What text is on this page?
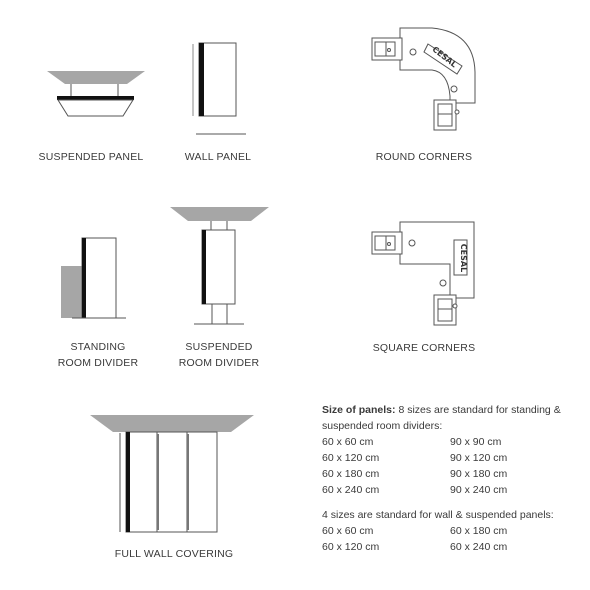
CESAL
CESAL
SUSPENDED PANEL	WALL PANEL	ROUND CORNERS
STANDING
ROOM DIVIDER
SUSPENDED
ROOM DIVIDER
SQUARE CORNERS
FULL WALL COVERING
Size of panels: 8 sizes are standard for standing &
suspended room dividers:
60 x 60 cm	90 x 90 cm
60 x 120 cm	90 x 120 cm
60 x 180 cm	90 x 180 cm
60 x 240 cm	90 x 240 cm
4 sizes are standard for wall & suspended panels:
60 x 60 cm	60 x 180 cm
60 x 120 cm	60 x 240 cm
